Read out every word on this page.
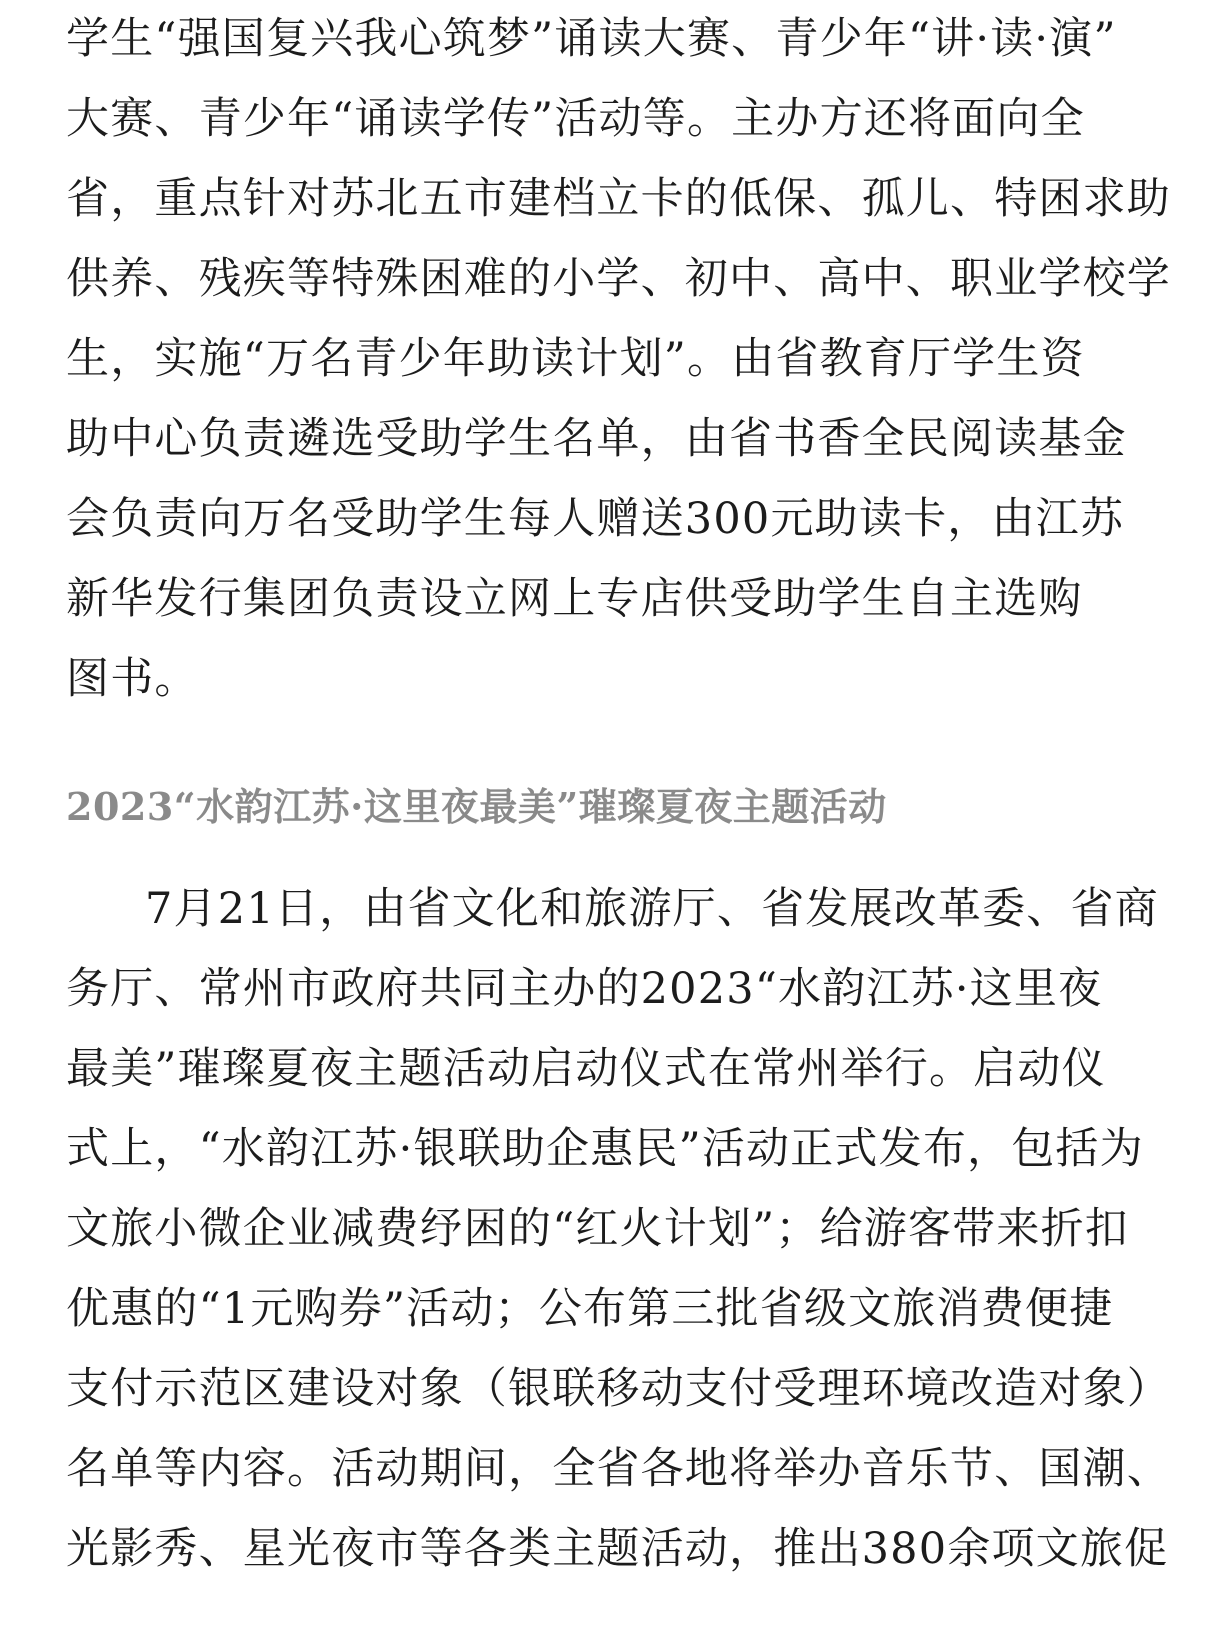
学生“强国复兴我心筑梦”诵读大赛、青少年“讲·读·演”
大赛、青少年“诵读学传”活动等。主办方还将面向全
省，重点针对苏北五市建档立卡的低保、孤儿、特困求助
供养、残疾等特殊困难的小学、初中、高中、职业学校学
生，实施“万名青少年助读计划”。由省教育厅学生资
助中心负责遴选受助学生名单，由省书香全民阅读基金
会负责向万名受助学生每人赠送300元助读卡，由江苏
新华发行集团负责设立网上专店供受助学生自主选购
图书。
2023“水韵江苏·这里夜最美”璀璨夏夜主题活动
7月21日，由省文化和旅游厅、省发展改革委、省商
务厅、常州市政府共同主办的2023“水韵江苏·这里夜
最美”璀璨夏夜主题活动启动仪式在常州举行。启动仪
式上，“水韵江苏·银联助企惠民”活动正式发布，包括为
文旅小微企业减费纾困的“红火计划”；给游客带来折扣
优惠的“1元购券”活动；公布第三批省级文旅消费便捷
支付示范区建设对象（银联移动支付受理环境改造对象）
名单等内容。活动期间，全省各地将举办音乐节、国潮、
光影秀、星光夜市等各类主题活动，推出380余项文旅促
